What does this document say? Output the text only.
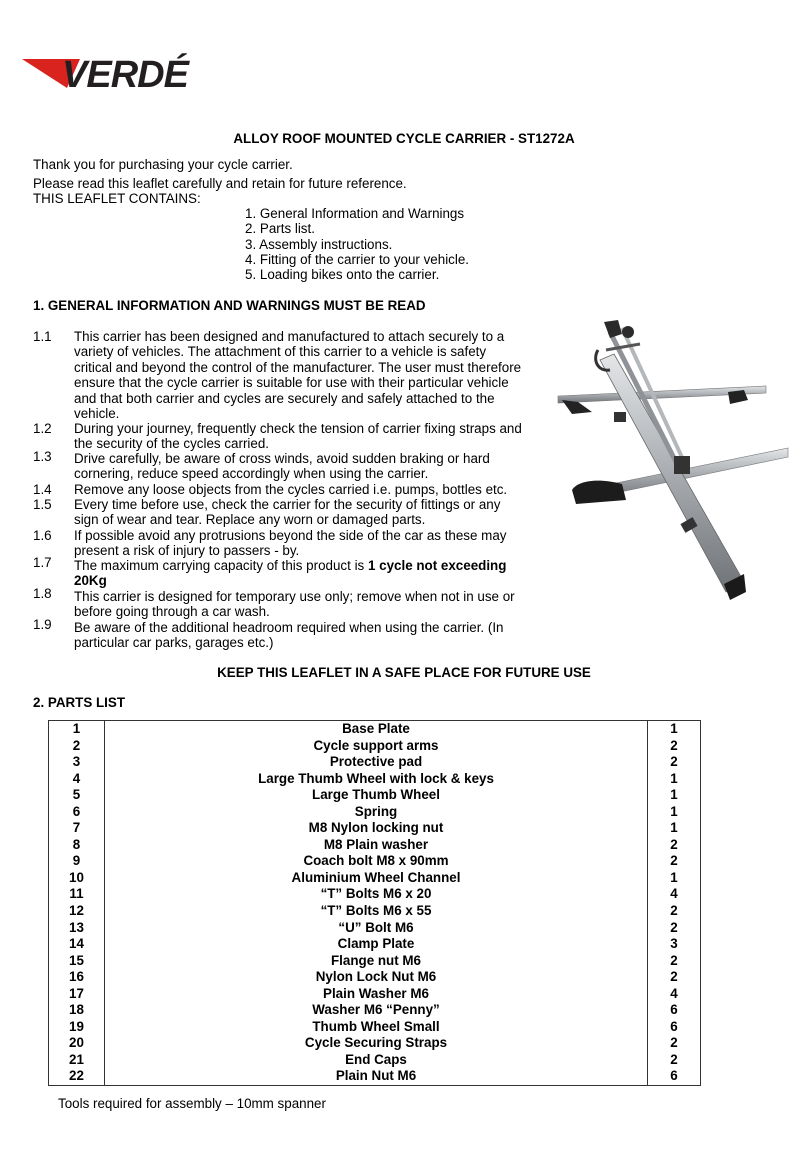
VERDÉ
ALLOY ROOF MOUNTED CYCLE CARRIER - ST1272A
Thank you for purchasing your cycle carrier.
Please read this leaflet carefully and retain for future reference.
THIS LEAFLET CONTAINS:
1. General Information and Warnings
2. Parts list.
3. Assembly instructions.
4. Fitting of the carrier to your vehicle.
5. Loading bikes onto the carrier.
1. GENERAL INFORMATION AND WARNINGS MUST BE READ
1.1 This carrier has been designed and manufactured to attach securely to a variety of vehicles. The attachment of this carrier to a vehicle is safety critical and beyond the control of the manufacturer. The user must therefore ensure that the cycle carrier is suitable for use with their particular vehicle and that both carrier and cycles are securely and safely attached to the vehicle.
1.2 During your journey, frequently check the tension of carrier fixing straps and the security of the cycles carried.
1.3 Drive carefully, be aware of cross winds, avoid sudden braking or hard cornering, reduce speed accordingly when using the carrier.
1.4 Remove any loose objects from the cycles carried i.e. pumps, bottles etc.
1.5 Every time before use, check the carrier for the security of fittings or any sign of wear and tear. Replace any worn or damaged parts.
1.6 If possible avoid any protrusions beyond the side of the car as these may present a risk of injury to passers - by.
1.7 The maximum carrying capacity of this product is 1 cycle not exceeding 20Kg
1.8 This carrier is designed for temporary use only; remove when not in use or before going through a car wash.
1.9 Be aware of the additional headroom required when using the carrier. (In particular car parks, garages etc.)
KEEP THIS LEAFLET IN A SAFE PLACE FOR FUTURE USE
2. PARTS LIST
1	Base Plate	1
2	Cycle support arms	2
3	Protective pad	2
4	Large Thumb Wheel with lock & keys	1
5	Large Thumb Wheel	1
6	Spring	1
7	M8 Nylon locking nut	1
8	M8 Plain washer	2
9	Coach bolt M8 x 90mm	2
10	Aluminium Wheel Channel	1
11	“T” Bolts M6 x 20	4
12	“T” Bolts M6 x 55	2
13	“U” Bolt M6	2
14	Clamp Plate	3
15	Flange nut M6	2
16	Nylon Lock Nut M6	2
17	Plain Washer M6	4
18	Washer M6 “Penny”	6
19	Thumb Wheel Small	6
20	Cycle Securing Straps	2
21	End Caps	2
22	Plain Nut M6	6
Tools required for assembly – 10mm spanner
